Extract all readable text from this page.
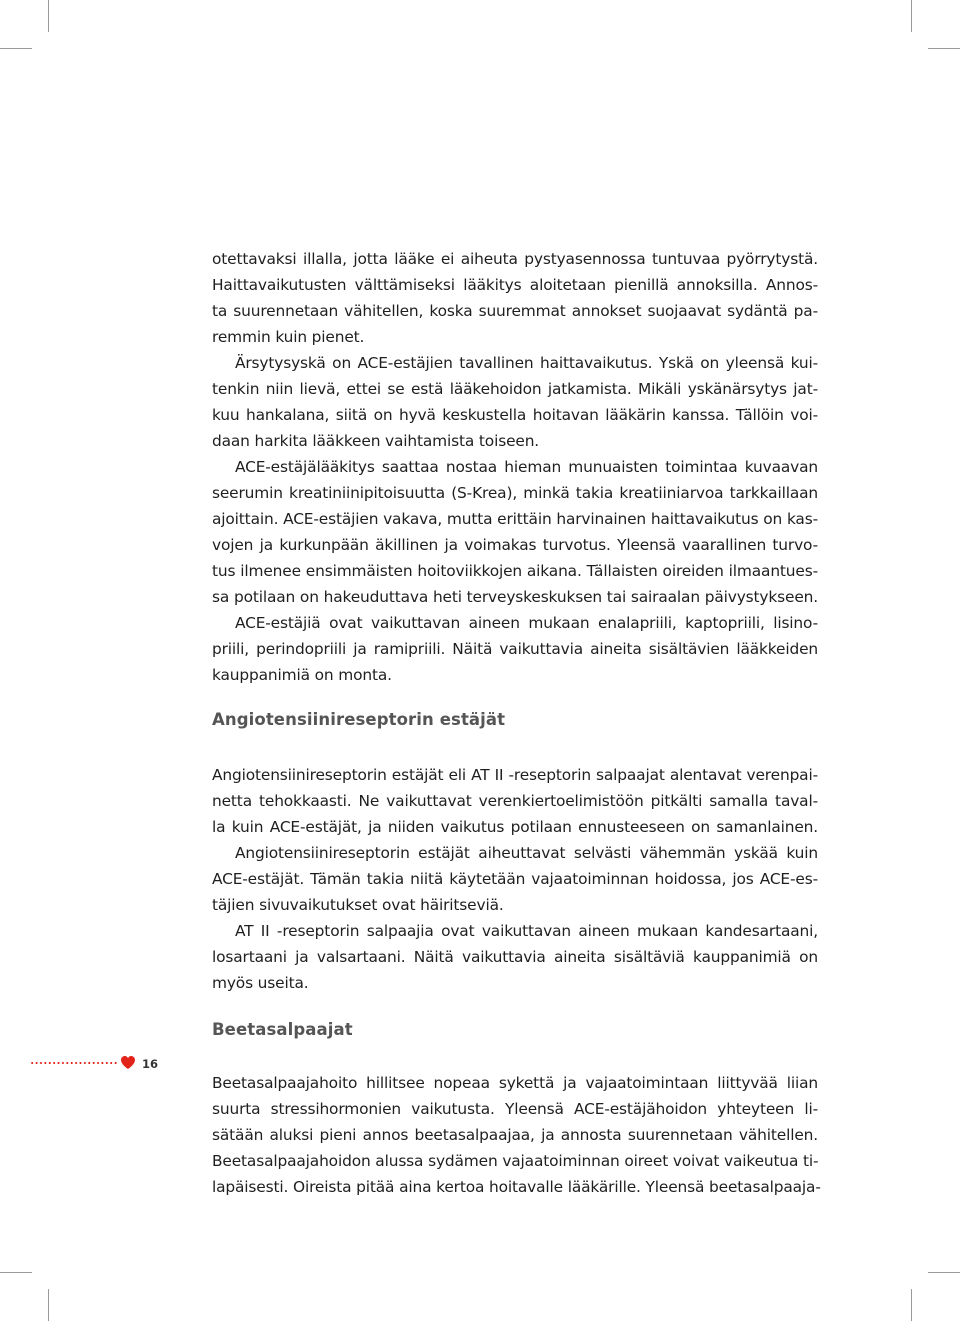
otettavaksi illalla, jotta lääke ei aiheuta pystyasennossa tuntuvaa pyörrytystä.
Haittavaikutusten välttämiseksi lääkitys aloitetaan pienillä annoksilla. Annos-
ta suurennetaan vähitellen, koska suuremmat annokset suojaavat sydäntä pa-
remmin kuin pienet.
Ärsytysyskä on ACE-estäjien tavallinen haittavaikutus. Yskä on yleensä kui-
tenkin niin lievä, ettei se estä lääkehoidon jatkamista. Mikäli yskänärsytys jat-
kuu hankalana, siitä on hyvä keskustella hoitavan lääkärin kanssa. Tällöin voi-
daan harkita lääkkeen vaihtamista toiseen.
ACE-estäjälääkitys saattaa nostaa hieman munuaisten toimintaa kuvaavan
seerumin kreatiniinipitoisuutta (S-Krea), minkä takia kreatiiniarvoa tarkkaillaan
ajoittain. ACE-estäjien vakava, mutta erittäin harvinainen haittavaikutus on kas-
vojen ja kurkunpään äkillinen ja voimakas turvotus. Yleensä vaarallinen turvo-
tus ilmenee ensimmäisten hoitoviikkojen aikana. Tällaisten oireiden ilmaantues-
sa potilaan on hakeuduttava heti terveyskeskuksen tai sairaalan päivystykseen.
ACE-estäjiä ovat vaikuttavan aineen mukaan enalapriili, kaptopriili, lisino-
priili, perindopriili ja ramipriili. Näitä vaikuttavia aineita sisältävien lääkkeiden
kauppanimiä on monta.
Angiotensiinireseptorin estäjät
Angiotensiinireseptorin estäjät eli AT II -reseptorin salpaajat alentavat verenpai-
netta tehokkaasti. Ne vaikuttavat verenkiertoelimistöön pitkälti samalla taval-
la kuin ACE-estäjät, ja niiden vaikutus potilaan ennusteeseen on samanlainen.
Angiotensiinireseptorin estäjät aiheuttavat selvästi vähemmän yskää kuin
ACE-estäjät. Tämän takia niitä käytetään vajaatoiminnan hoidossa, jos ACE-es-
täjien sivuvaikutukset ovat häiritseviä.
AT II -reseptorin salpaajia ovat vaikuttavan aineen mukaan kandesartaani,
losartaani ja valsartaani. Näitä vaikuttavia aineita sisältäviä kauppanimiä on
myös useita.
Beetasalpaajat
Beetasalpaajahoito hillitsee nopeaa sykettä ja vajaatoimintaan liittyvää liian
suurta stressihormonien vaikutusta. Yleensä ACE-estäjähoidon yhteyteen li-
sätään aluksi pieni annos beetasalpaajaa, ja annosta suurennetaan vähitellen.
Beetasalpaajahoidon alussa sydämen vajaatoiminnan oireet voivat vaikeutua ti-
lapäisesti. Oireista pitää aina kertoa hoitavalle lääkärille. Yleensä beetasalpaaja-
16
